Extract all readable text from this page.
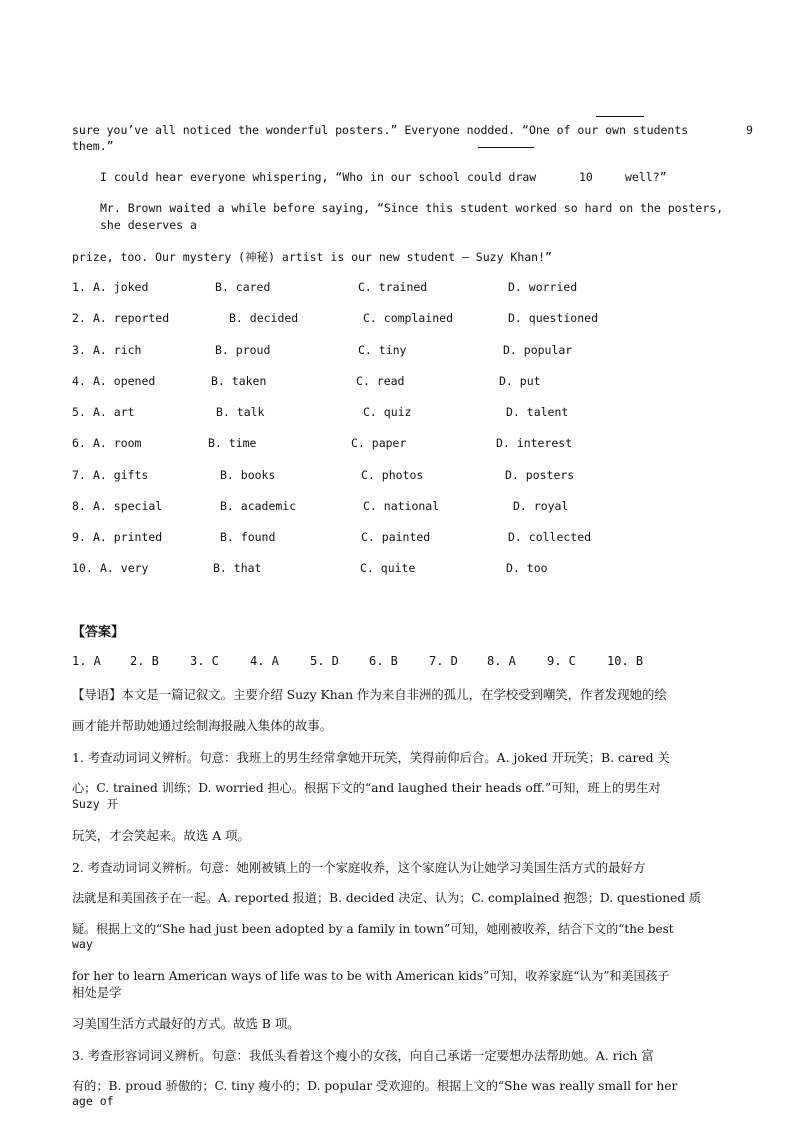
sure you’ve all noticed the wonderful posters.” Everyone nodded. “One of our own students	9
them.”
I could hear everyone whispering, “Who in our school could draw	10	well?”
Mr. Brown waited a while before saying, “Since this student worked so hard on the posters,
she deserves a
prize, too. Our mystery (神秘) artist is our new student — Suzy Khan!”
1. A. joked	B. cared	C. trained	D. worried
2. A. reported	B. decided	C. complained	D. questioned
3. A. rich	B. proud	C. tiny	D. popular
4. A. opened	B. taken	C. read	D. put
5. A. art	B. talk	C. quiz	D. talent
6. A. room	B. time	C. paper	D. interest
7. A. gifts	B. books	C. photos	D. posters
8. A. special	B. academic	C. national	D. royal
9. A. printed	B. found	C. painted	D. collected
10. A. very	B. that	C. quite	D. too
【答案】
1. A 2. B	3. C	4. A	5. D	6. B	7. D 8. A	9. C	10. B
【导语】本文是一篇记叙文。主要介绍 Suzy Khan 作为来自非洲的孤儿，在学校受到嘲笑，作者发现她的绘
画才能并帮助她通过绘制海报融入集体的故事。
1. 考查动词词义辨析。句意：我班上的男生经常拿她开玩笑，笑得前仰后合。A. joked 开玩笑；B. cared 关
心；C. trained 训练；D. worried 担心。根据下文的“and laughed their heads off.”可知，班上的男生对
Suzy 开
玩笑，才会笑起来。故选 A 项。
2. 考查动词词义辨析。句意：她刚被镇上的一个家庭收养，这个家庭认为让她学习美国生活方式的最好方
法就是和美国孩子在一起。A. reported 报道；B. decided 决定、认为；C. complained 抱怨；D. questioned 质
疑。根据上文的“She had just been adopted by a family in town”可知，她刚被收养，结合下文的“the best
way
for her to learn American ways of life was to be with American kids”可知，收养家庭“认为”和美国孩子
相处是学
习美国生活方式最好的方式。故选 B 项。
3. 考查形容词词义辨析。句意：我低头看着这个瘦小的女孩，向自己承诺一定要想办法帮助她。A. rich 富
有的；B. proud 骄傲的；C. tiny 瘦小的；D. popular 受欢迎的。根据上文的“She was really small for her
age of
